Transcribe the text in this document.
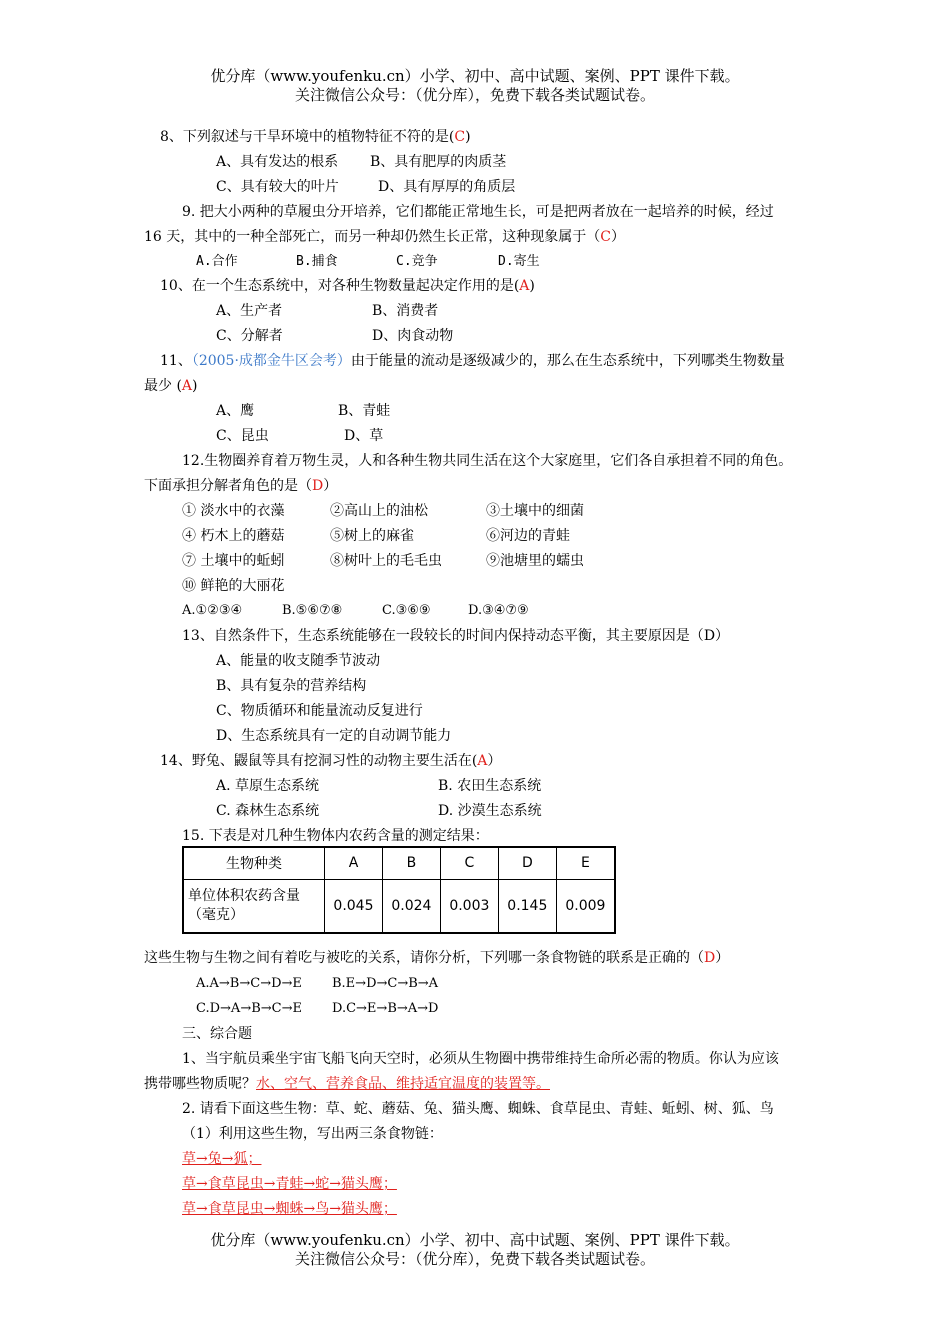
优分库（www.youfenku.cn）小学、初中、高中试题、案例、PPT 课件下载。
关注微信公众号：（优分库），免费下载各类试题试卷。
8、下列叙述与干旱环境中的植物特征不符的是(C)
A、具有发达的根系 B、具有肥厚的肉质茎
C、具有较大的叶片	D、具有厚厚的角质层
9. 把大小两种的草履虫分开培养，它们都能正常地生长，可是把两者放在一起培养的时候，经过
16 天，其中的一种全部死亡，而另一种却仍然生长正常，这种现象属于（C）
A.合作	B.捕食	C.竞争	D.寄生
10、在一个生态系统中，对各种生物数量起决定作用的是(A)
A、生产者	B、消费者
C、分解者	D、肉食动物
11、（2005·成都金牛区会考）由于能量的流动是逐级减少的，那么在生态系统中，下列哪类生物数量
最少 (A)
A、鹰	B、青蛙
C、昆虫	D、草
12.生物圈养育着万物生灵，人和各种生物共同生活在这个大家庭里，它们各自承担着不同的角色。
下面承担分解者角色的是（D）
① 淡水中的衣藻	②高山上的油松	③土壤中的细菌
④ 朽木上的蘑菇	⑤树上的麻雀	⑥河边的青蛙
⑦ 土壤中的蚯蚓	⑧树叶上的毛毛虫	⑨池塘里的蠕虫
⑩ 鲜艳的大丽花
A.①②③④	B.⑤⑥⑦⑧	C.③⑥⑨	D.③④⑦⑨
13、自然条件下，生态系统能够在一段较长的时间内保持动态平衡，其主要原因是（D）
A、能量的收支随季节波动
B、具有复杂的营养结构
C、物质循环和能量流动反复进行
D、生态系统具有一定的自动调节能力
14、野兔、鼹鼠等具有挖洞习性的动物主要生活在(A）
A. 草原生态系统	B. 农田生态系统
C. 森林生态系统	D. 沙漠生态系统
15. 下表是对几种生物体内农药含量的测定结果：
生物种类	A	B	C	D	E

单位体积农药含量
（毫克）	0.045	0.024	0.003	0.145	0.009
这些生物与生物之间有着吃与被吃的关系，请你分析，下列哪一条食物链的联系是正确的（D）
A.A→B→C→D→E B.E→D→C→B→A
C.D→A→B→C→E D.C→E→B→A→D
三、综合题
1、当宇航员乘坐宇宙飞船飞向天空时，必须从生物圈中携带维持生命所必需的物质。你认为应该
携带哪些物质呢？水、空气、营养食品、维持适宜温度的装置等。
2. 请看下面这些生物：草、蛇、蘑菇、兔、猫头鹰、蜘蛛、食草昆虫、青蛙、蚯蚓、树、狐、鸟
（1）利用这些生物，写出两三条食物链：
草→兔→狐；
草→食草昆虫→青蛙→蛇→猫头鹰；
草→食草昆虫→蜘蛛→鸟→猫头鹰；
优分库（www.youfenku.cn）小学、初中、高中试题、案例、PPT 课件下载。
关注微信公众号：（优分库），免费下载各类试题试卷。
